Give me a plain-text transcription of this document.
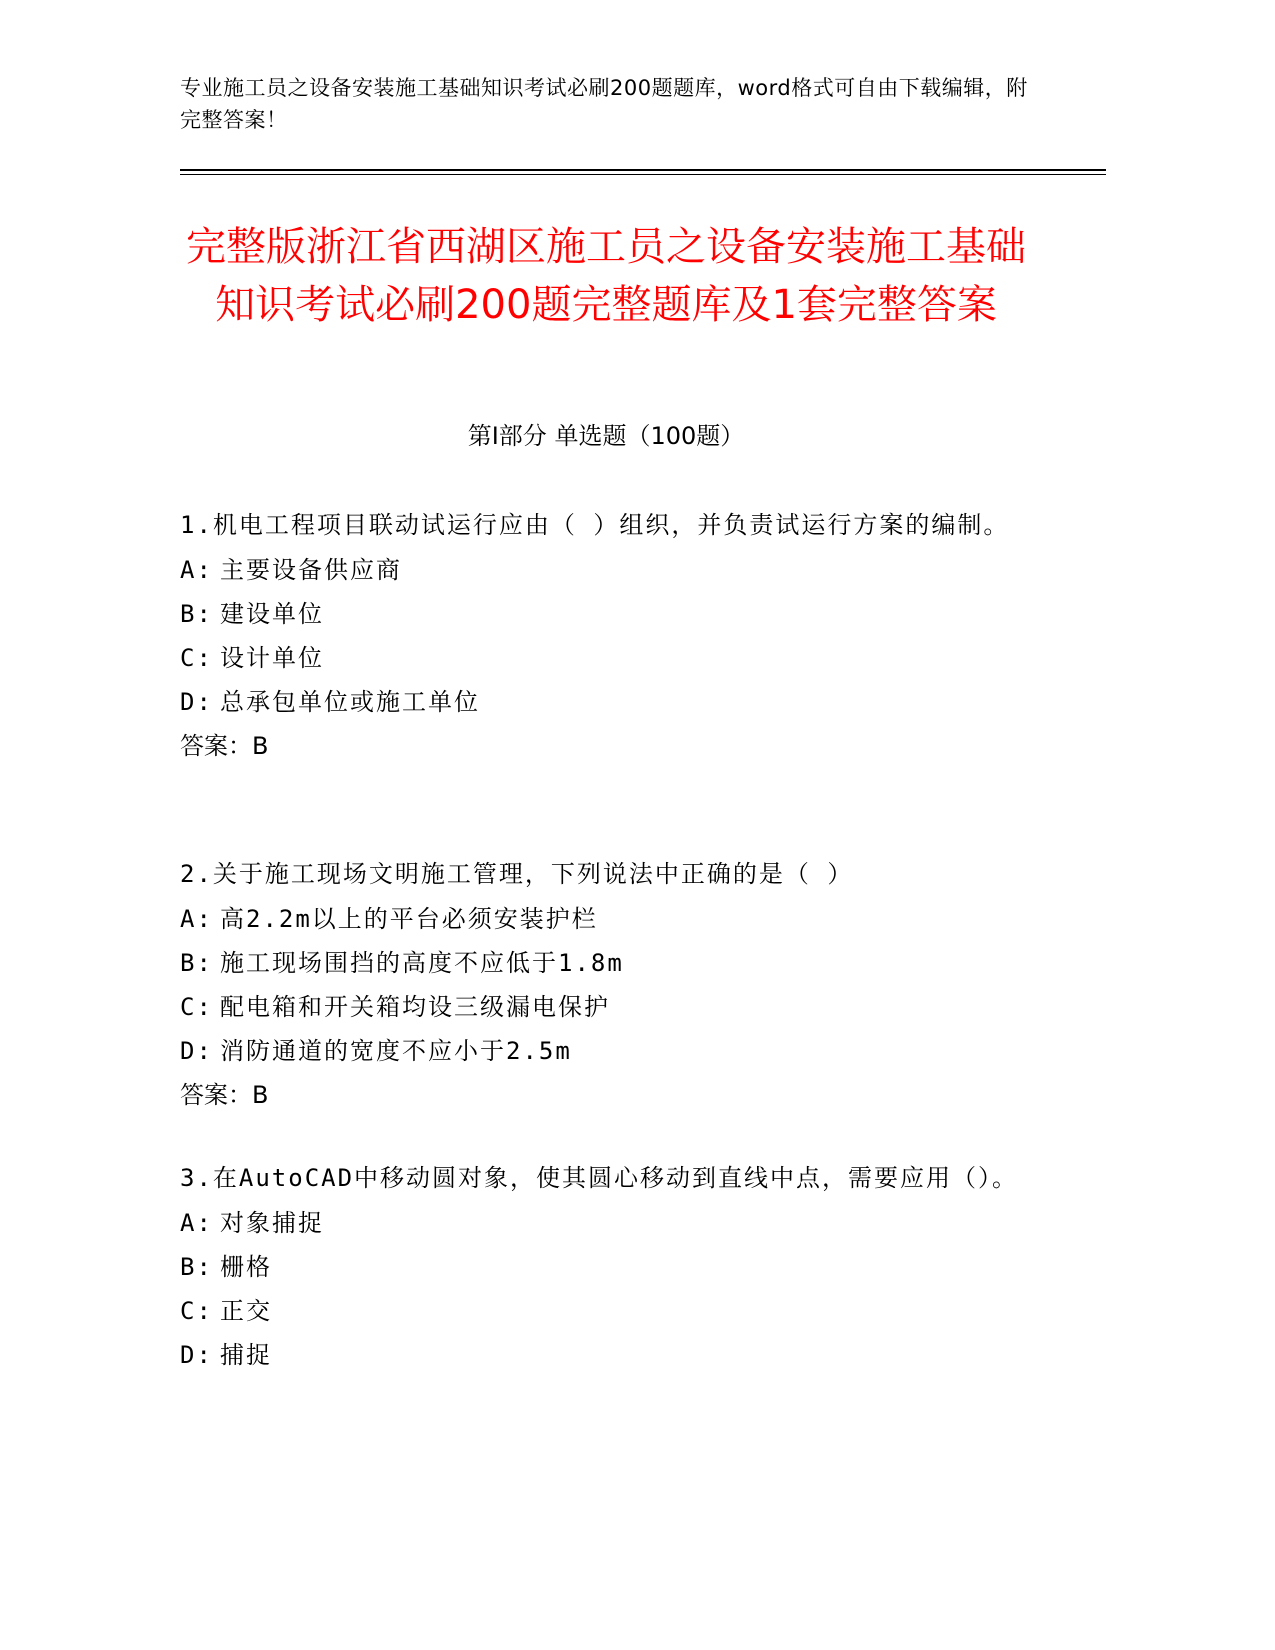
专业施工员之设备安装施工基础知识考试必刷200题题库，word格式可自由下载编辑，附完整答案！
完整版浙江省西湖区施工员之设备安装施工基础知识考试必刷200题完整题库及1套完整答案
第Ⅰ部分 单选题（100题）
1.机电工程项目联动试运行应由（ ）组织，并负责试运行方案的编制。
A: 主要设备供应商
B: 建设单位
C: 设计单位
D: 总承包单位或施工单位
答案：B
2.关于施工现场文明施工管理，下列说法中正确的是（ ）
A: 高2.2m以上的平台必须安装护栏
B: 施工现场围挡的高度不应低于1.8m
C: 配电箱和开关箱均设三级漏电保护
D: 消防通道的宽度不应小于2.5m
答案：B
3.在AutoCAD中移动圆对象，使其圆心移动到直线中点，需要应用（）。
A: 对象捕捉
B: 栅格
C: 正交
D: 捕捉
